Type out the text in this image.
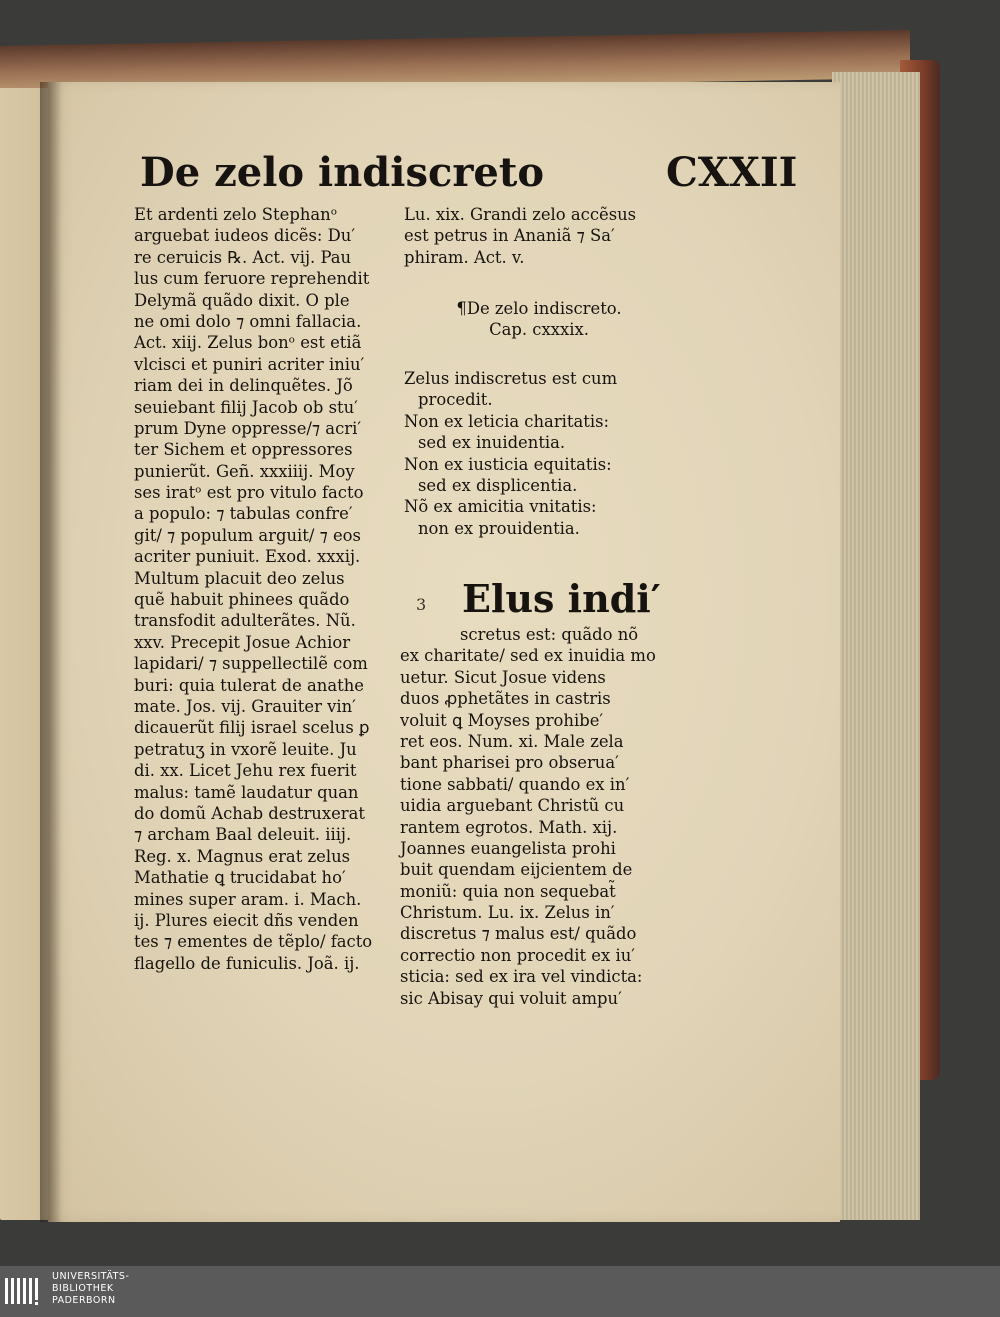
De zelo indiscreto	CXXII
Et ardenti zelo Stephanᵒ
arguebat iudeos dicẽs: Du′
re ceruicis ℞. Act. vij. Pau
lus cum feruore reprehendit
Delymã quãdo dixit. O ple
ne omi dolo ⁊ omni fallacia.
Act. xiij. Zelus bonᵒ est etiã
vlcisci et puniri acriter iniu′
riam dei in delinquẽtes. Jõ
seuiebant filij Jacob ob stu′
prum Dyne oppresse/⁊ acri′
ter Sichem et oppressores
punierũt. Geñ. xxxiiij. Moy
ses iratᵒ est pro vitulo facto
a populo: ⁊ tabulas confre′
git/ ⁊ populum arguit/ ⁊ eos
acriter puniuit. Exod. xxxij.
Multum placuit deo zelus
quẽ habuit phinees quãdo
transfodit adulterãtes. Nũ.
xxv. Precepit Josue Achior
lapidari/ ⁊ suppellectilẽ com
buri: quia tulerat de anathe
mate. Jos. vij. Grauiter vin′
dicauerũt filij israel scelus ꝑ
petratuʒ in vxorẽ leuite. Ju
di. xx. Licet Jehu rex fuerit
malus: tamẽ laudatur quan
do domũ Achab destruxerat
⁊ archam Baal deleuit. iiij.
Reg. x. Magnus erat zelus
Mathatie ꝗ trucidabat ho′
mines super aram. i. Mach.
ij. Plures eiecit dñs venden
tes ⁊ ementes de tẽplo/ facto
flagello de funiculis. Joã. ij.
Lu. xix. Grandi zelo accẽsus
est petrus in Ananiã ⁊ Sa′
phiram. Act. v.
¶De zelo indiscreto.
Cap. cxxxix.
Zelus indiscretus est cum
procedit.
Non ex leticia charitatis:
sed ex inuidentia.
Non ex iusticia equitatis:
sed ex displicentia.
Nõ ex amicitia vnitatis:
non ex prouidentia.
3 Elus indi′
scretus est: quãdo nõ
ex charitate/ sed ex inuidia mo
uetur. Sicut Josue videns
duos ꝓphetãtes in castris
voluit ꝗ Moyses prohibe′
ret eos. Num. xi. Male zela
bant pharisei pro obserua′
tione sabbati/ quando ex in′
uidia arguebant Christũ cu
rantem egrotos. Math. xij.
Joannes euangelista prohi
buit quendam eijcientem de
moniũ: quia non sequebat̃
Christum. Lu. ix. Zelus in′
discretus ⁊ malus est/ quãdo
correctio non procedit ex iu′
sticia: sed ex ira vel vindicta:
sic Abisay qui voluit ampu′
UNIVERSITÄTS-
BIBLIOTHEK
PADERBORN
